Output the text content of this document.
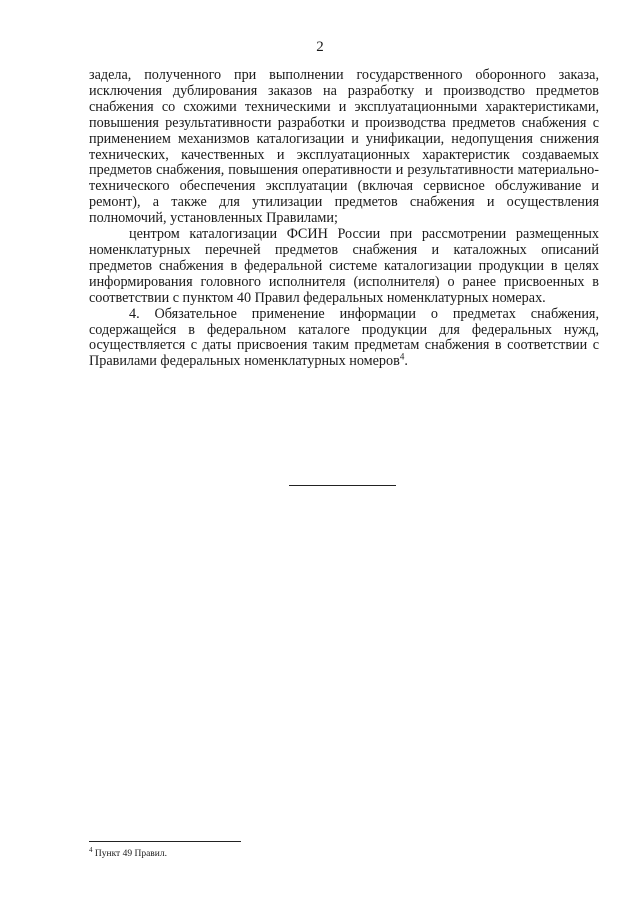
2

задела, полученного при выполнении государственного оборонного заказа, исключения дублирования заказов на разработку и производство предметов снабжения со схожими техническими и эксплуатационными характеристиками, повышения результативности разработки и производства предметов снабжения с применением механизмов каталогизации и унификации, недопущения снижения технических, качественных и эксплуатационных характеристик создаваемых предметов снабжения, повышения оперативности и результативности материально-технического обеспечения эксплуатации (включая сервисное обслуживание и ремонт), а также для утилизации предметов снабжения и осуществления полномочий, установленных Правилами;

центром каталогизации ФСИН России при рассмотрении размещенных номенклатурных перечней предметов снабжения и каталожных описаний предметов снабжения в федеральной системе каталогизации продукции в целях информирования головного исполнителя (исполнителя) о ранее присвоенных в соответствии с пунктом 40 Правил федеральных номенклатурных номерах.

4. Обязательное применение информации о предметах снабжения, содержащейся в федеральном каталоге продукции для федеральных нужд, осуществляется с даты присвоения таким предметам снабжения в соответствии с Правилами федеральных номенклатурных номеров$^4$.

$^4$ Пункт 49 Правил.
